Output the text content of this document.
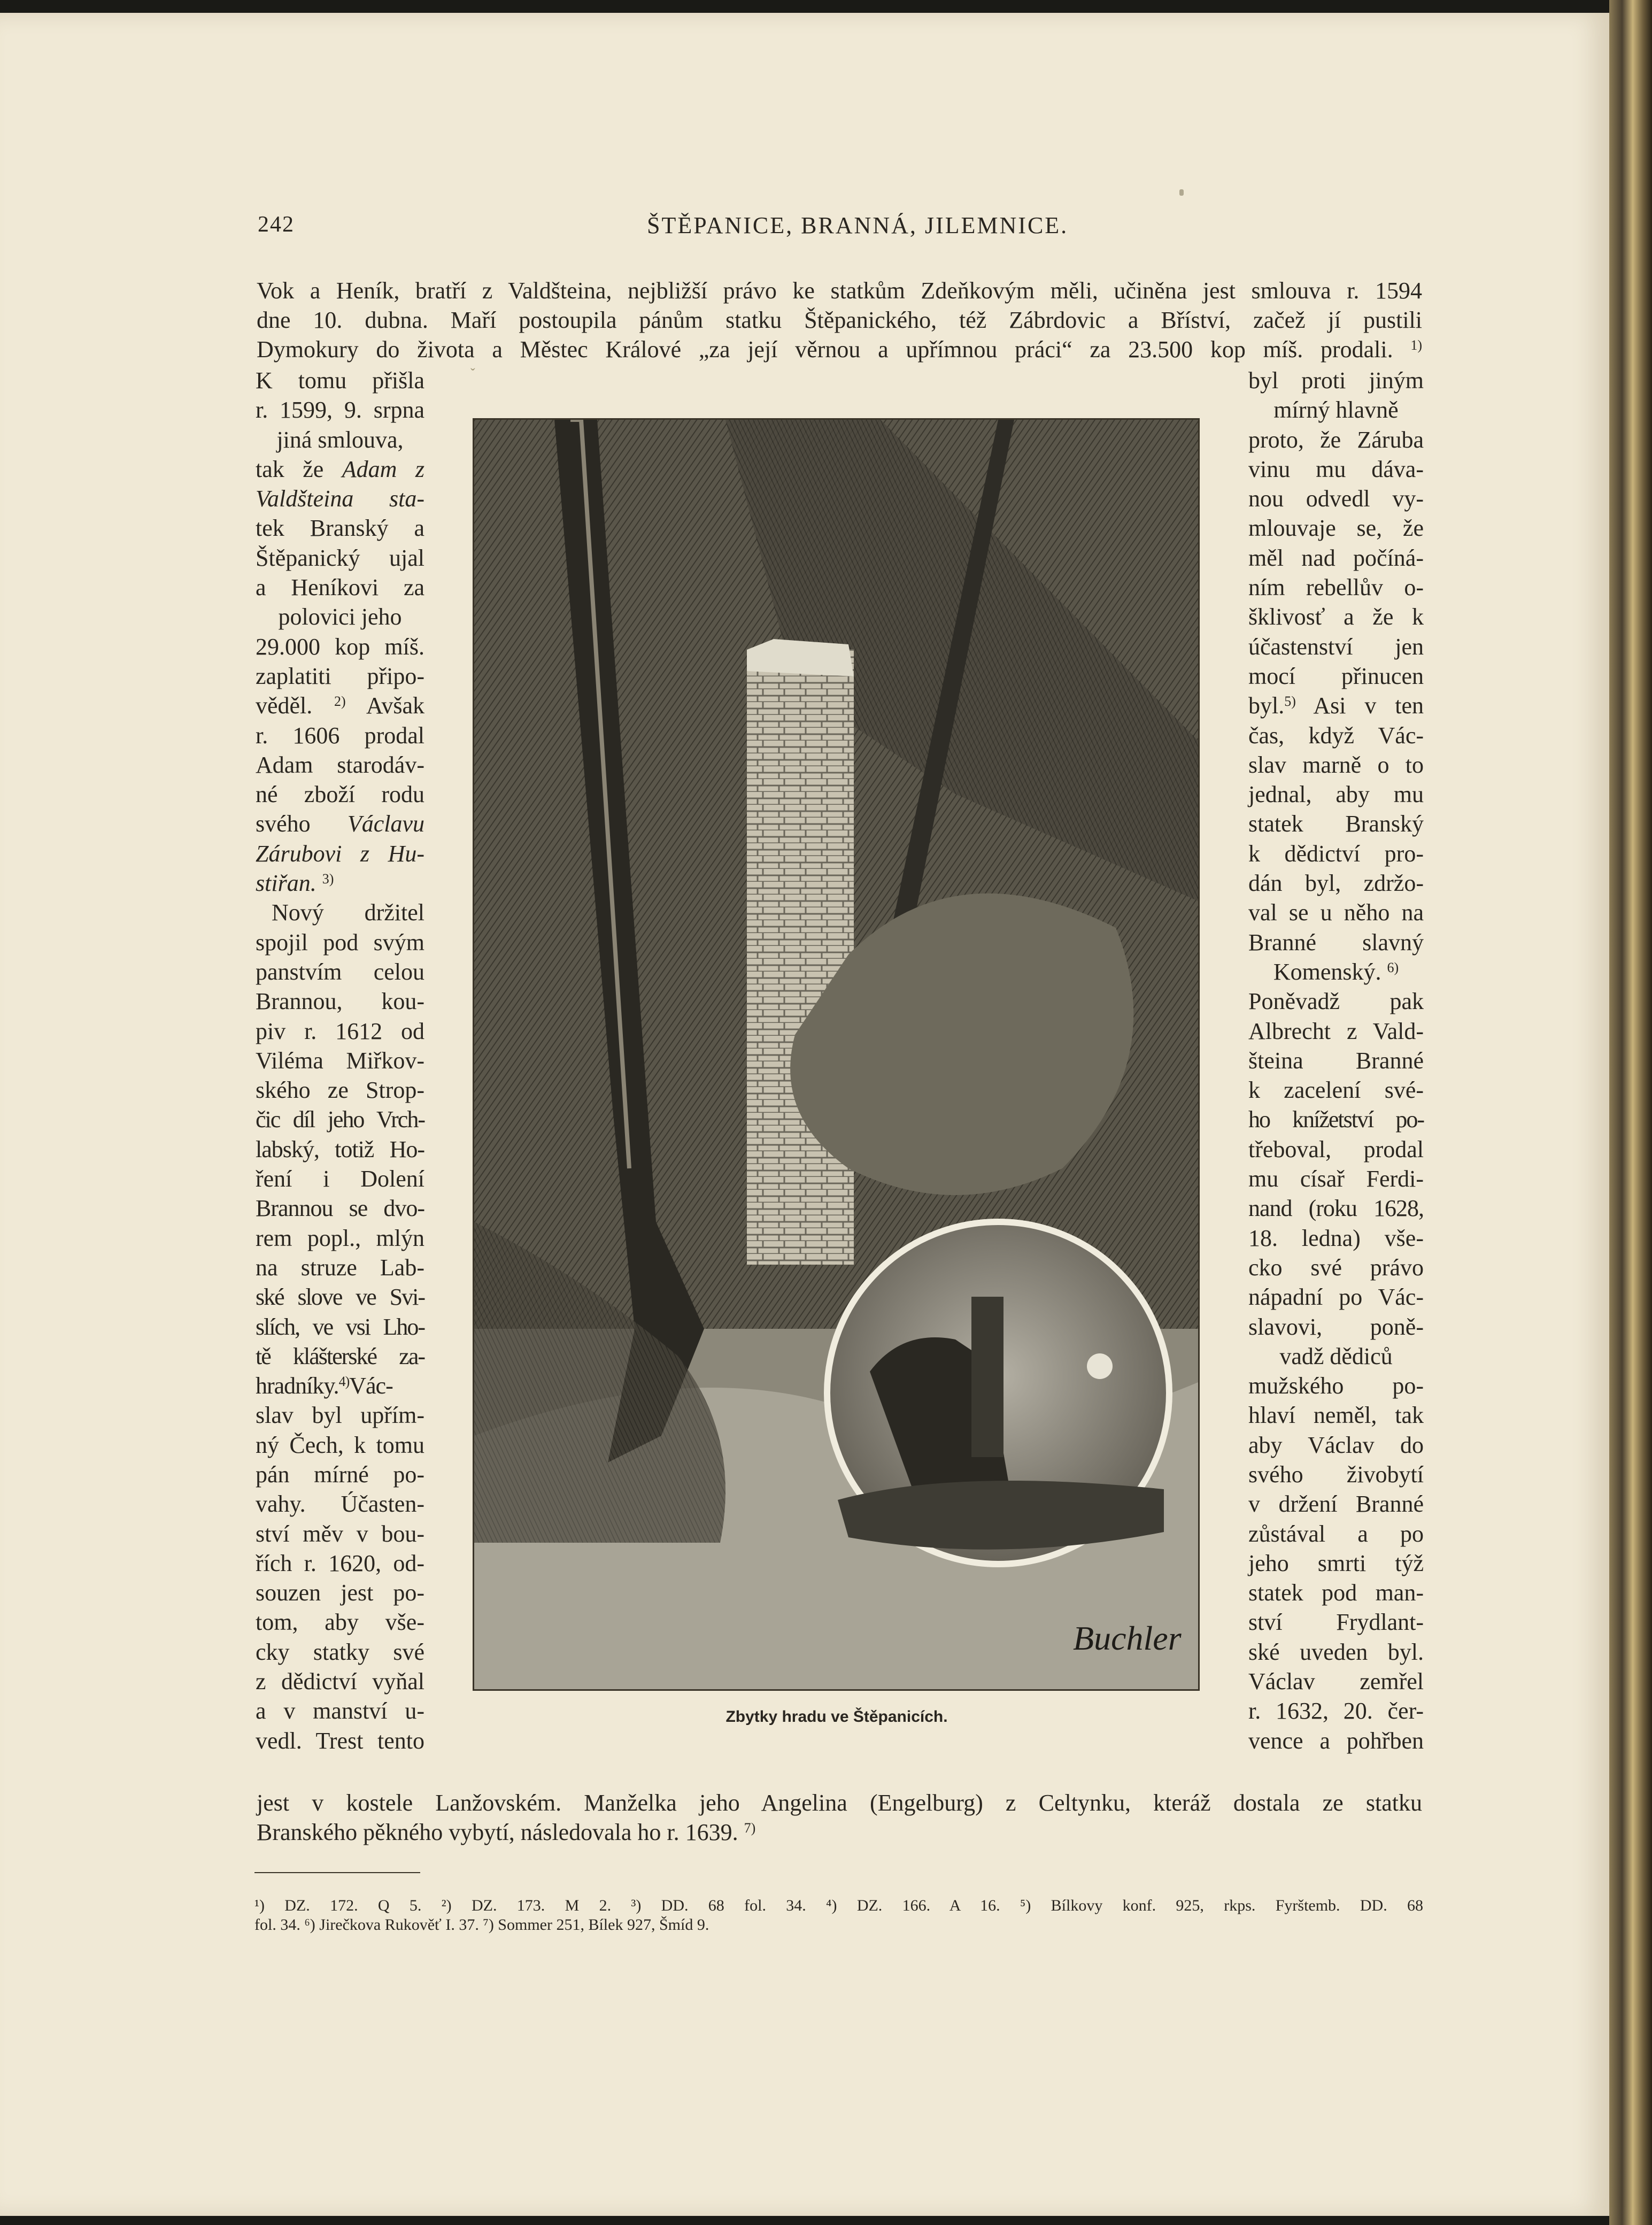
ˇ
242	ŠTĚPANICE, BRANNÁ, JILEMNICE.
Vok a Heník, bratří z Valdšteina, nejbližší právo ke statkům Zdeňkovým měli, učiněna jest smlouva r. 1594
dne 10. dubna. Maří postoupila pánům statku Štěpanického, též Zábrdovic a Bříství, začež jí pustili
Dymokury do života a Městec Králové „za její věrnou a upřímnou práci“ za 23.500 kop míš. prodali. $^{1)}$
K tomu přišla
r. 1599, 9. srpna
jiná smlouva,
tak že Adam z
Valdšteina sta-
tek Branský a
Štěpanický ujal
a Heníkovi za
polovici jeho
29.000 kop míš.
zaplatiti připo-
věděl. $^{2)}$ Avšak
r. 1606 prodal
Adam starodáv-
né zboží rodu
svého Václavu
Zárubovi z Hu-
stiřan. $^{3)}$
Nový držitel
spojil pod svým
panstvím celou
Brannou, kou-
piv r. 1612 od
Viléma Miřkov-
ského ze Strop-
čic díl jeho Vrch-
labský, totiž Ho-
ření i Dolení
Brannou se dvo-
rem popl., mlýn
na struze Lab-
ské slove ve Svi-
slích, ve vsi Lho-
tě klášterské za-
hradníky.$^{4)}$Vác-
slav byl upřím-
ný Čech, k tomu
pán mírné po-
vahy. Účasten-
ství měv v bou-
řích r. 1620, od-
souzen jest po-
tom, aby vše-
cky statky své
z dědictví vyňal
a v manství u-
vedl. Trest tento
Buchler
Zbytky hradu ve Štěpanicích.
byl proti jiným
mírný hlavně
proto, že Záruba
vinu mu dáva-
nou odvedl vy-
mlouvaje se, že
měl nad počíná-
ním rebellův o-
šklivosť a že k
účastenství jen
mocí přinucen
byl.$^{5)}$ Asi v ten
čas, když Vác-
slav marně o to
jednal, aby mu
statek Branský
k dědictví pro-
dán byl, zdržo-
val se u něho na
Branné slavný
Komenský. $^{6)}$
Poněvadž pak
Albrecht z Vald-
šteina Branné
k zacelení své-
ho knížetství po-
třeboval, prodal
mu císař Ferdi-
nand (roku 1628,
18. ledna) vše-
cko své právo
nápadní po Vác-
slavovi, poně-
vadž dědiců
mužského po-
hlaví neměl, tak
aby Václav do
svého živobytí
v držení Branné
zůstával a po
jeho smrti týž
statek pod man-
ství Frydlant-
ské uveden byl.
Václav zemřel
r. 1632, 20. čer-
vence a pohřben
jest v kostele Lanžovském. Manželka jeho Angelina (Engelburg) z Celtynku, kteráž dostala ze statku
Branského pěkného vybytí, následovala ho r. 1639. $^{7)}$
¹) DZ. 172. Q 5. ²) DZ. 173. M 2. ³) DD. 68 fol. 34. ⁴) DZ. 166. A 16. ⁵) Bílkovy konf. 925, rkps. Fyrštemb. DD. 68
fol. 34. ⁶) Jirečkova Rukověť I. 37. ⁷) Sommer 251, Bílek 927, Šmíd 9.
